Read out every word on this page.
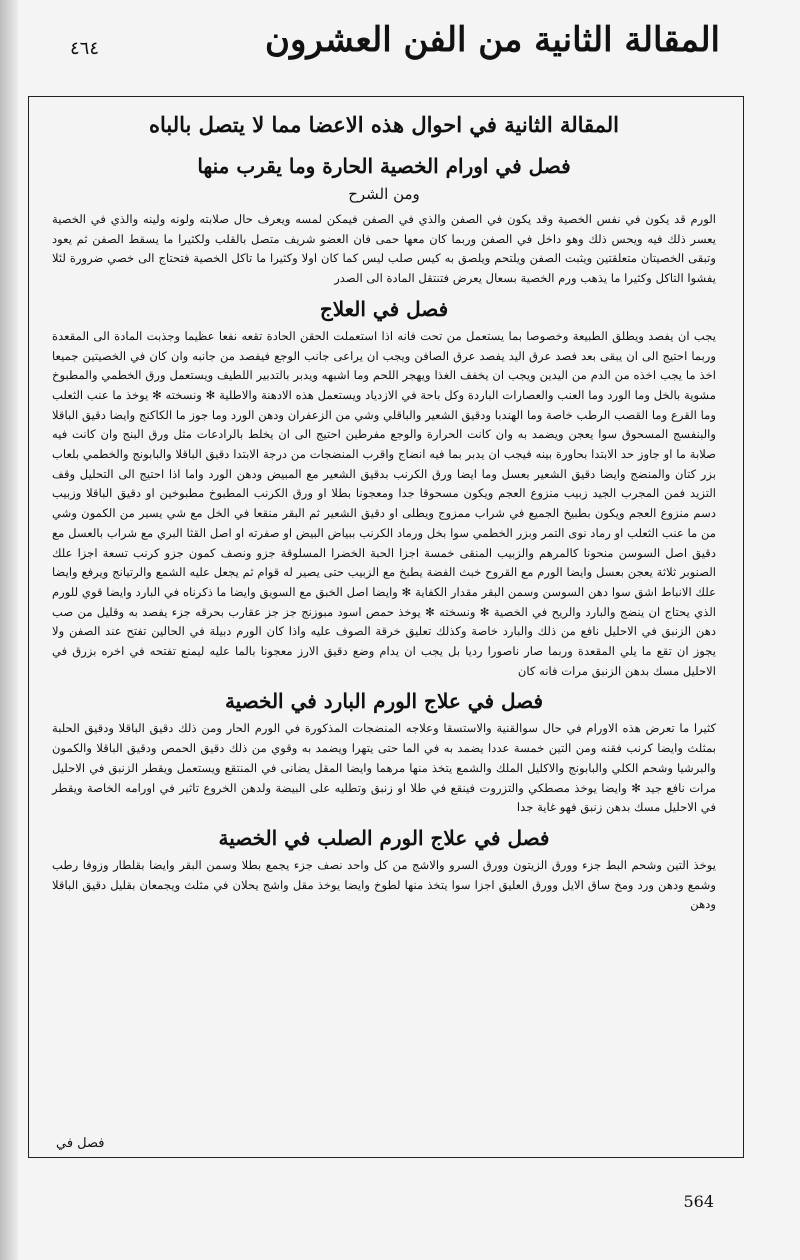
المقالة الثانية من الفن العشرون
٤٦٤
المقالة الثانية في احوال هذه الاعضا مما لا يتصل بالباه
فصل في اورام الخصية الحارة وما يقرب منها
ومن الشرح

الورم قد يكون في نفس الخصية وقد يكون في الصفن والذي في الصفن فيمكن لمسه ويعرف حال صلابته ولونه ولينه والذي في الخصية يعسر ذلك فيه ويحس ذلك وهو داخل في الصفن وربما كان معها حمى فان العضو شريف متصل بالقلب ولكثيرا ما يسقط الصفن ثم يعود وتبقى الخصيتان متعلقتين ويثبت الصفن ويلتحم ويلصق به كيس صلب ليس كما كان اولا وكثيرا ما تاكل الخصية فتحتاج الى خصي ضرورة لئلا يفشوا التاكل وكثيرا ما يذهب ورم الخصية بسعال يعرض فتنتقل المادة الى الصدر

فصل في العلاج

يجب ان يفصد ويطلق الطبيعة وخصوصا بما يستعمل من تحت فانه اذا استعملت الحقن الحادة تقعه نفعا عظيما وجذبت المادة الى المقعدة وربما احتيج الى ان يبقى بعد فصد عرق اليد يفصد عرق الصافن ويجب ان يراعى جانب الوجع فيفصد من جانبه وان كان في الخصيتين جميعا اخذ ما يجب اخذه من الدم من اليدين ويجب ان يخفف الغذا ويهجر اللحم وما اشبهه ويدبر بالتدبير اللطيف ويستعمل ورق الخطمي والمطبوخ مشوية بالخل وما الورد وما العنب والعصارات الباردة وكل باحة في الازدياد ويستعمل هذه الادهنة والاطلية ✻ ونسخته ✻ يوخذ ما عنب الثعلب وما القرع وما القصب الرطب خاصة وما الهندبا ودقيق الشعير والباقلي وشي من الزعفران ودهن الورد وما جوز ما الكاكنج وايضا دقيق الباقلا والبنفسج المسحوق سوا يعجن ويضمد به وان كانت الحرارة والوجع مفرطين احتيج الى ان يخلط بالرادعات مثل ورق البنج وان كانت فيه صلابة ما او جاوز حد الابتدا بحاورة بينه فيجب ان يدبر بما فيه انضاج واقرب المنضجات من درجة الابتدا دقيق الباقلا والبابونج والخطمي بلعاب بزر كتان والمنضج وايضا دقيق الشعير بعسل وما ايضا ورق الكرنب بدقيق الشعير مع المبيض ودهن الورد واما اذا احتيج الى التحليل وقف التزيد فمن المجرب الجيد زبيب منزوع العجم ويكون مسحوقا جدا ومعجونا بطلا او ورق الكرنب المطبوخ مطبوخين او دقيق الباقلا وزبيب دسم منزوع العجم ويكون بطبيخ الجميع في شراب ممزوج ويطلى او دقيق الشعير ثم البقر منقعا في الخل مع شي يسير من الكمون وشي من ما عنب الثعلب او رماد نوى التمر وبزر الخطمي سوا بخل ورماد الكرنب ببياض البيض او صفرته او اصل القثا البري مع شراب بالعسل مع دقيق اصل السوسن منحونا كالمرهم والزبيب المنقى خمسة اجزا الحبة الخضرا المسلوقة جزو ونصف كمون جزو كرنب تسعة اجزا علك الصنوبر ثلاثة يعجن بعسل وايضا الورم مع القروح خبث الفضة يطبخ مع الزبيب حتى يصير له قوام ثم يجعل عليه الشمع والرتيانج ويرفع وايضا علك الانباط اشق سوا دهن السوسن وسمن البقر مقدار الكفاية ✻ وايضا اصل الخبق مع السويق وايضا ما ذكرناه في البارد وايضا قوي للورم الذي يحتاج ان ينضج والبارد والريح في الخصية ✻ ونسخته ✻ يوخذ حمص اسود مبوزنج جز جز عقارب بحرقه جزء يفصد به وقليل من صب دهن الزنبق في الاحليل نافع من ذلك والبارد خاصة وكذلك تعليق خرقة الصوف عليه واذا كان الورم دبيلة في الحالين تفتح عند الصفن ولا يجوز ان تقع ما يلي المقعدة وربما صار ناصورا رديا بل يجب ان يدام وضع دقيق الارز معجونا بالما عليه ليمنع تفتحه في اخره بزرق في الاحليل مسك بدهن الزنبق مرات فانه كان

فصل في علاج الورم البارد في الخصية

كثيرا ما تعرض هذه الاورام في حال سوالقنية والاستسقا وعلاجه المنضجات المذكورة في الورم الحار ومن ذلك دقيق الباقلا ودقيق الحلبة بمثلث وايضا كرنب فقنه ومن التين خمسة عددا يضمد به في الما حتى يتهرا ويضمد به وقوي من ذلك دقيق الحمص ودقيق الباقلا والكمون والبرشيا وشحم الكلي والبابونج والاكليل الملك والشمع يتخذ منها مرهما وايضا المقل يضانى في المنتقع ويستعمل ويقطر الزنبق في الاحليل مرات نافع جيد ✻ وايضا يوخذ مصطكي والتزروت فينقع في طلا او زنبق وتطليه على البيضة ولدهن الخروع تاثير في اورامه الخاصة ويقطر في الاحليل مسك بدهن زنبق فهو غاية جدا

فصل في علاج الورم الصلب في الخصية

يوخذ التين وشحم البط جزء وورق الزيتون وورق السرو والاشج من كل واحد نصف جزء يجمع بطلا وسمن البقر وايضا بقلطار وزوفا رطب وشمع ودهن ورد ومخ ساق الايل وورق العليق اجزا سوا يتخذ منها لطوخ وايضا يوخذ مقل واشج يحلان في مثلث ويجمعان بقليل دقيق الباقلا ودهن

فصل في
564
